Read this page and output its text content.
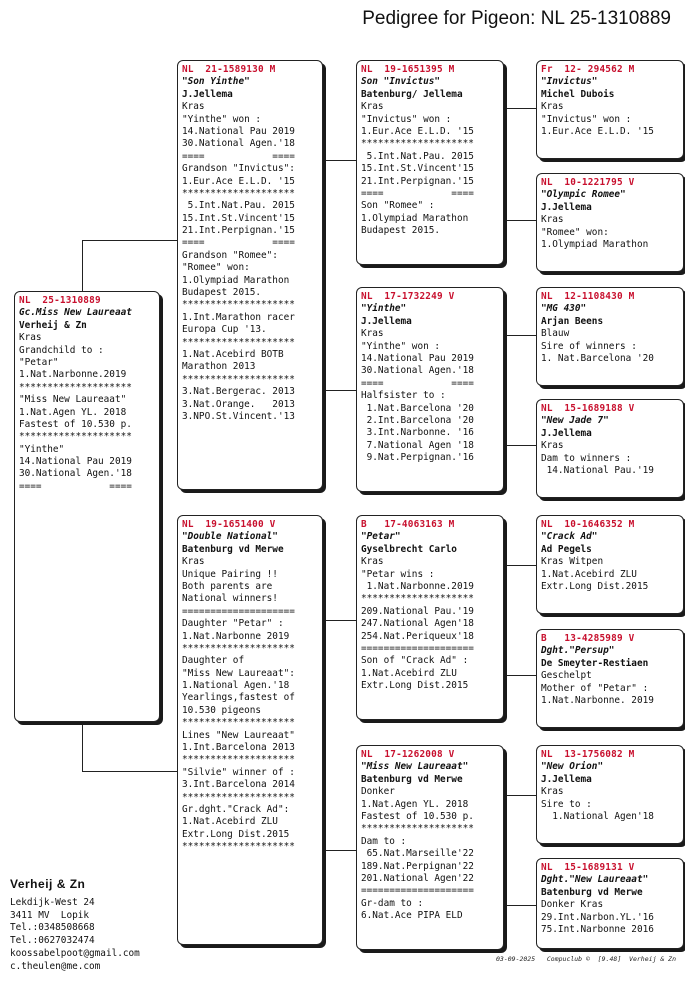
Pedigree for Pigeon: NL 25-1310889
NL  25-1310889
Gc.Miss New Laureaat
Verheij & Zn
Kras
Grandchild to :
"Petar"
1.Nat.Narbonne.2019
********************
"Miss New Laureaat"
1.Nat.Agen YL. 2018
Fastest of 10.530 p.
********************
"Yinthe"
14.National Pau 2019
30.National Agen.'18
====            ====
NL  21-1589130 M
"Son Yinthe"
J.Jellema
Kras
"Yinthe" won :
14.National Pau 2019
30.National Agen.'18
====            ====
Grandson "Invictus":
1.Eur.Ace E.L.D. '15
********************
5.Int.Nat.Pau. 2015
15.Int.St.Vincent'15
21.Int.Perpignan.'15
====            ====
Grandson "Romee":
"Romee" won:
1.Olympiad Marathon
Budapest 2015.
********************
1.Int.Marathon racer
Europa Cup '13.
********************
1.Nat.Acebird BOTB
Marathon 2013
********************
3.Nat.Bergerac. 2013
3.Nat.Orange.   2013
3.NPO.St.Vincent.'13
NL  19-1651400 V
"Double National"
Batenburg vd Merwe
Kras
Unique Pairing !!
Both parents are
National winners!
====================
Daughter "Petar" :
1.Nat.Narbonne 2019
********************
Daughter of
"Miss New Laureaat":
1.National Agen.'18
Yearlings,fastest of
10.530 pigeons
********************
Lines "New Laureaat"
1.Int.Barcelona 2013
********************
"Silvie" winner of :
3.Int.Barcelona 2014
********************
Gr.dght."Crack Ad":
1.Nat.Acebird ZLU
Extr.Long Dist.2015
********************
NL  19-1651395 M
Son "Invictus"
Batenburg/ Jellema
Kras
"Invictus" won :
1.Eur.Ace E.L.D. '15
********************
5.Int.Nat.Pau. 2015
15.Int.St.Vincent'15
21.Int.Perpignan.'15
====            ====
Son "Romee" :
1.Olympiad Marathon
Budapest 2015.
NL  17-1732249 V
"Yinthe"
J.Jellema
Kras
"Yinthe" won :
14.National Pau 2019
30.National Agen.'18
====            ====
Halfsister to :
1.Nat.Barcelona '20
2.Int.Barcelona '20
3.Int.Narbonne. '16
7.National Agen '18
9.Nat.Perpignan.'16
B   17-4063163 M
"Petar"
Gyselbrecht Carlo
Kras
"Petar wins :
1.Nat.Narbonne.2019
********************
209.National Pau.'19
247.National Agen'18
254.Nat.Periqueux'18
====================
Son of "Crack Ad" :
1.Nat.Acebird ZLU
Extr.Long Dist.2015
NL  17-1262008 V
"Miss New Laureaat"
Batenburg vd Merwe
Donker
1.Nat.Agen YL. 2018
Fastest of 10.530 p.
********************
Dam to :
65.Nat.Marseille'22
189.Nat.Perpignan'22
201.National Agen'22
====================
Gr-dam to :
6.Nat.Ace PIPA ELD
Fr  12- 294562 M
"Invictus"
Michel Dubois
Kras
"Invictus" won :
1.Eur.Ace E.L.D. '15
NL  10-1221795 V
"Olympic Romee"
J.Jellema
Kras
"Romee" won:
1.Olympiad Marathon
NL  12-1108430 M
"MG 430"
Arjan Beens
Blauw
Sire of winners :
1. Nat.Barcelona '20
NL  15-1689188 V
"New Jade 7"
J.Jellema
Kras
Dam to winners :
14.National Pau.'19
NL  10-1646352 M
"Crack Ad"
Ad Pegels
Kras Witpen
1.Nat.Acebird ZLU
Extr.Long Dist.2015
B   13-4285989 V
Dght."Persup"
De Smeyter-Restiaen
Geschelpt
Mother of "Petar" :
1.Nat.Narbonne. 2019
NL  13-1756082 M
"New Orion"
J.Jellema
Kras
Sire to :
1.National Agen'18
NL  15-1689131 V
Dght."New Laureaat"
Batenburg vd Merwe
Donker Kras
29.Int.Narbon.YL.'16
75.Int.Narbonne 2016
Verheij & Zn
Lekdijk-West 24
3411 MV  Lopik
Tel.:0348508668
Tel.:0627032474
koossabelpoot@gmail.com
c.theulen@me.com
03-09-2025   Compuclub ©  [9.48]  Verheij & Zn
